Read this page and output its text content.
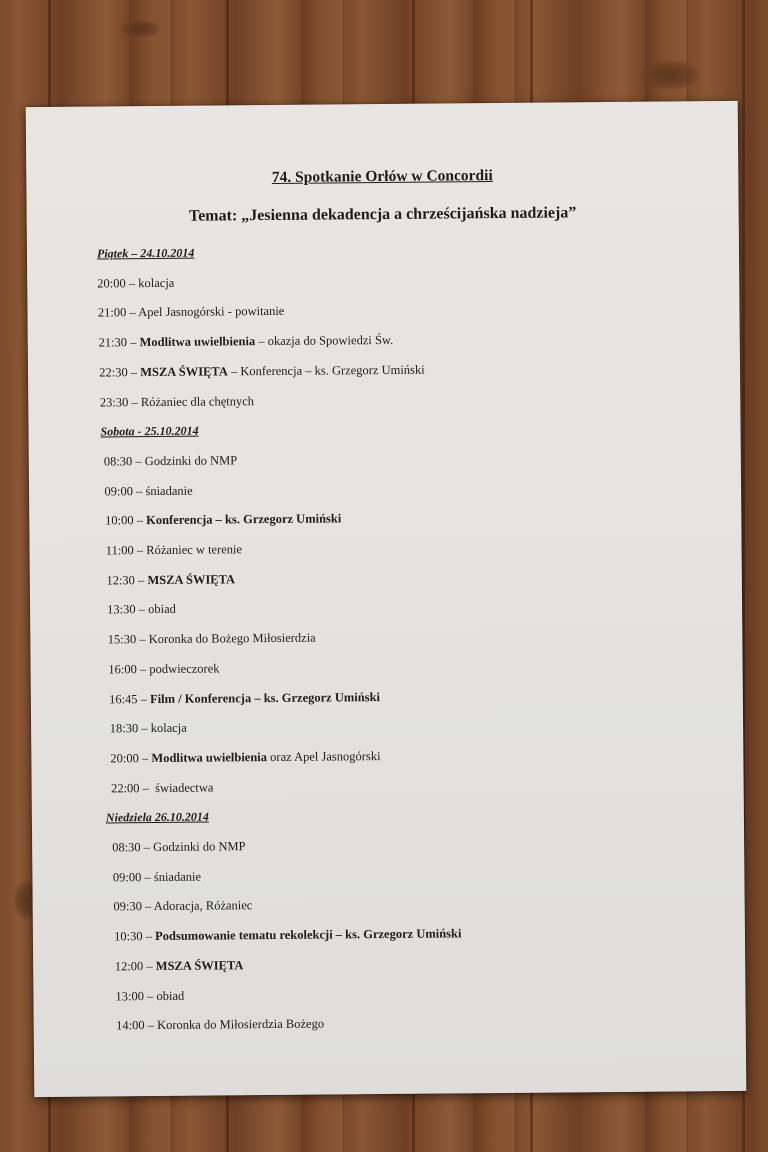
74. Spotkanie Orłów w Concordii
Temat: „Jesienna dekadencja a chrześcijańska nadzieja”
Piątek – 24.10.2014
20:00 – kolacja
21:00 – Apel Jasnogórski - powitanie
21:30 – Modlitwa uwielbienia – okazja do Spowiedzi Św.
22:30 – MSZA ŚWIĘTA – Konferencja – ks. Grzegorz Umiński
23:30 – Różaniec dla chętnych
Sobota - 25.10.2014
08:30 – Godzinki do NMP
09:00 – śniadanie
10:00 – Konferencja – ks. Grzegorz Umiński
11:00 – Różaniec w terenie
12:30 – MSZA ŚWIĘTA
13:30 – obiad
15:30 – Koronka do Bożego Miłosierdzia
16:00 – podwieczorek
16:45 – Film / Konferencja – ks. Grzegorz Umiński
18:30 – kolacja
20:00 – Modlitwa uwielbienia oraz Apel Jasnogórski
22:00 –  świadectwa
Niedziela 26.10.2014
08:30 – Godzinki do NMP
09:00 – śniadanie
09:30 – Adoracja, Różaniec
10:30 – Podsumowanie tematu rekolekcji – ks. Grzegorz Umiński
12:00 – MSZA ŚWIĘTA
13:00 – obiad
14:00 – Koronka do Miłosierdzia Bożego
